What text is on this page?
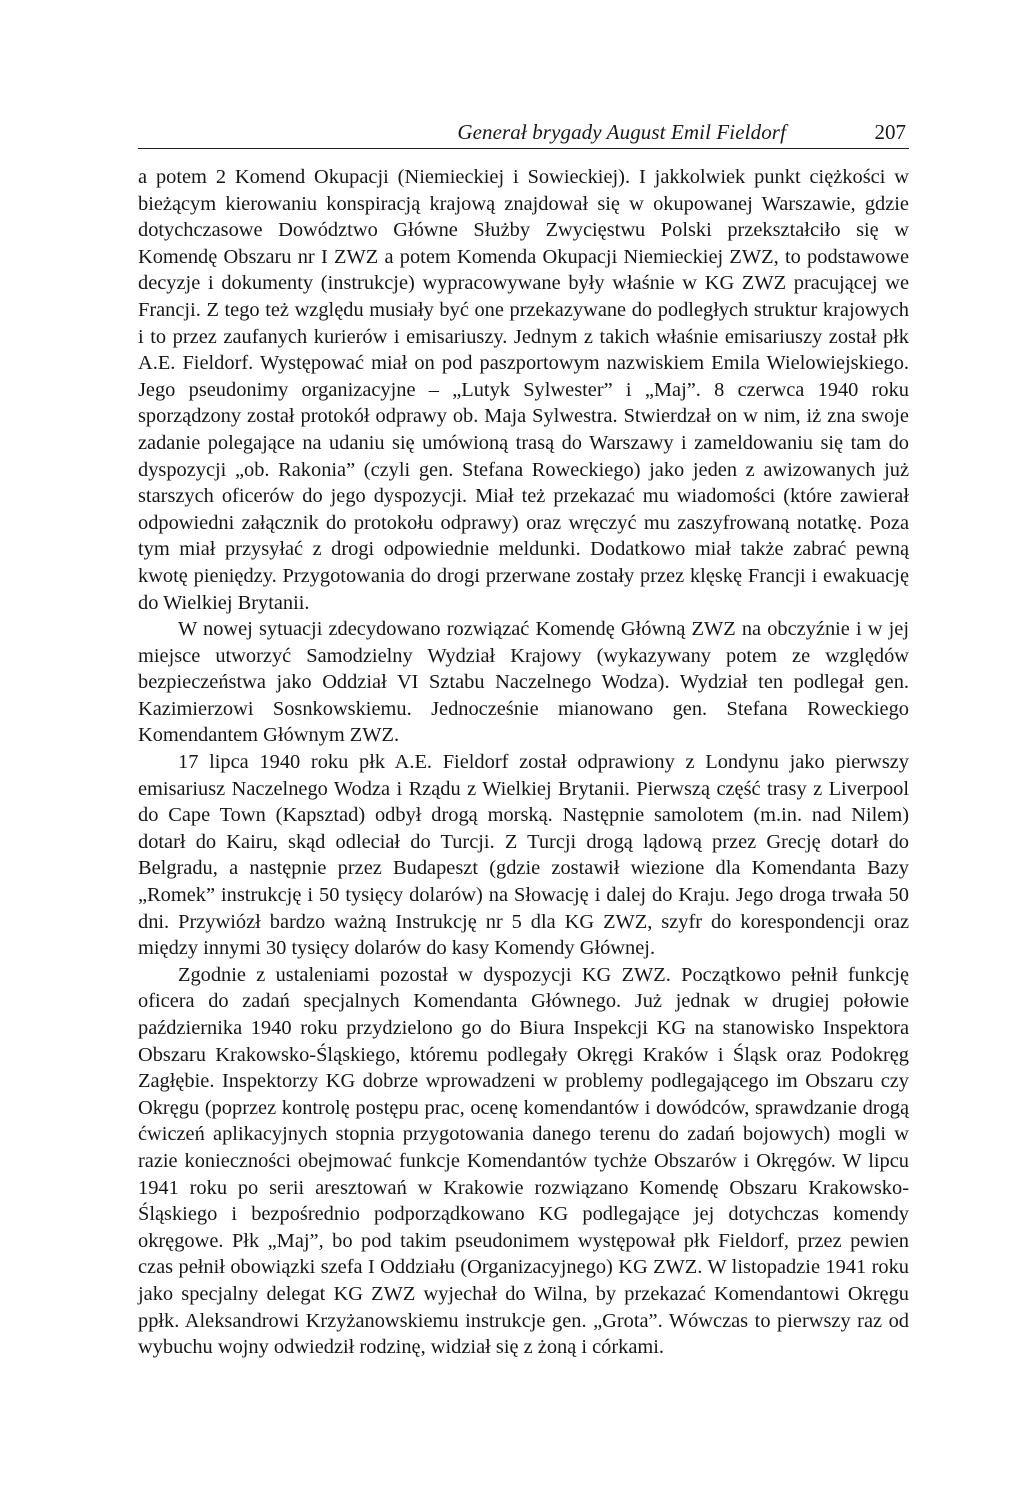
Generał brygady August Emil Fieldorf	207

a potem 2 Komend Okupacji (Niemieckiej i Sowieckiej). I jakkolwiek punkt ciężkości w bieżącym kierowaniu konspiracją krajową znajdował się w okupowanej Warszawie, gdzie dotychczasowe Dowództwo Główne Służby Zwycięstwu Polski przekształciło się w Komendę Obszaru nr I ZWZ a potem Komenda Okupacji Niemieckiej ZWZ, to podstawowe decyzje i dokumenty (instrukcje) wypracowywane były właśnie w KG ZWZ pracującej we Francji. Z tego też względu musiały być one przekazywane do podległych struktur krajowych i to przez zaufanych kurierów i emisariuszy. Jednym z takich właśnie emisariuszy został płk A.E. Fieldorf. Występować miał on pod paszportowym nazwiskiem Emila Wielowiejskiego. Jego pseudonimy organizacyjne – „Lutyk Sylwester” i „Maj”. 8 czerwca 1940 roku sporządzony został protokół odprawy ob. Maja Sylwestra. Stwierdzał on w nim, iż zna swoje zadanie polegające na udaniu się umówioną trasą do Warszawy i zameldowaniu się tam do dyspozycji „ob. Rakonia” (czyli gen. Stefana Roweckiego) jako jeden z awizowanych już starszych oficerów do jego dyspozycji. Miał też przekazać mu wiadomości (które zawierał odpowiedni załącznik do protokołu odprawy) oraz wręczyć mu zaszyfrowaną notatkę. Poza tym miał przysyłać z drogi odpowiednie meldunki. Dodatkowo miał także zabrać pewną kwotę pieniędzy. Przygotowania do drogi przerwane zostały przez klęskę Francji i ewakuację do Wielkiej Brytanii.

W nowej sytuacji zdecydowano rozwiązać Komendę Główną ZWZ na obczyźnie i w jej miejsce utworzyć Samodzielny Wydział Krajowy (wykazywany potem ze względów bezpieczeństwa jako Oddział VI Sztabu Naczelnego Wodza). Wydział ten podlegał gen. Kazimierzowi Sosnkowskiemu. Jednocześnie mianowano gen. Stefana Roweckiego Komendantem Głównym ZWZ.

17 lipca 1940 roku płk A.E. Fieldorf został odprawiony z Londynu jako pierwszy emisariusz Naczelnego Wodza i Rządu z Wielkiej Brytanii. Pierwszą część trasy z Liverpool do Cape Town (Kapsztad) odbył drogą morską. Następnie samolotem (m.in. nad Nilem) dotarł do Kairu, skąd odleciał do Turcji. Z Turcji drogą lądową przez Grecję dotarł do Belgradu, a następnie przez Budapeszt (gdzie zostawił wiezione dla Komendanta Bazy „Romek” instrukcję i 50 tysięcy dolarów) na Słowację i dalej do Kraju. Jego droga trwała 50 dni. Przywiózł bardzo ważną Instrukcję nr 5 dla KG ZWZ, szyfr do korespondencji oraz między innymi 30 tysięcy dolarów do kasy Komendy Głównej.

Zgodnie z ustaleniami pozostał w dyspozycji KG ZWZ. Początkowo pełnił funkcję oficera do zadań specjalnych Komendanta Głównego. Już jednak w drugiej połowie października 1940 roku przydzielono go do Biura Inspekcji KG na stanowisko Inspektora Obszaru Krakowsko-Śląskiego, któremu podlegały Okręgi Kraków i Śląsk oraz Podokręg Zagłębie. Inspektorzy KG dobrze wprowadzeni w problemy podlegającego im Obszaru czy Okręgu (poprzez kontrolę postępu prac, ocenę komendantów i dowódców, sprawdzanie drogą ćwiczeń aplikacyjnych stopnia przygotowania danego terenu do zadań bojowych) mogli w razie konieczności obejmować funkcje Komendantów tychże Obszarów i Okręgów. W lipcu 1941 roku po serii aresztowań w Krakowie rozwiązano Komendę Obszaru Krakowsko-Śląskiego i bezpośrednio podporządkowano KG podlegające jej dotychczas komendy okręgowe. Płk „Maj”, bo pod takim pseudonimem występował płk Fieldorf, przez pewien czas pełnił obowiązki szefa I Oddziału (Organizacyjnego) KG ZWZ. W listopadzie 1941 roku jako specjalny delegat KG ZWZ wyjechał do Wilna, by przekazać Komendantowi Okręgu ppłk. Aleksandrowi Krzyżanowskiemu instrukcje gen. „Grota”. Wówczas to pierwszy raz od wybuchu wojny odwiedził rodzinę, widział się z żoną i córkami.
